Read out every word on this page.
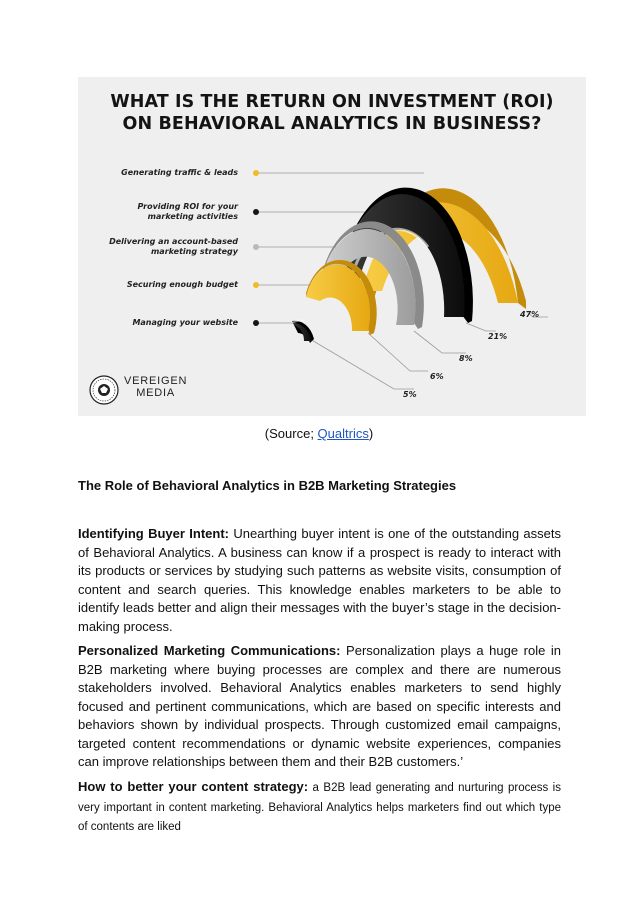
WHAT IS THE RETURN ON INVESTMENT (ROI)
ON BEHAVIORAL ANALYTICS IN BUSINESS?
Generating traffic & leads
Providing ROI for your
marketing activities
Delivering an account-based
marketing strategy
Securing enough budget
Managing your website
47%
21%
8%
6%
5%
VEREIGEN
MEDIA
(Source; Qualtrics)
The Role of Behavioral Analytics in B2B Marketing Strategies
Identifying Buyer Intent: Unearthing buyer intent is one of the outstanding assets of Behavioral Analytics. A business can know if a prospect is ready to interact with its products or services by studying such patterns as website visits, consumption of content and search queries. This knowledge enables marketers to be able to identify leads better and align their messages with the buyer’s stage in the decision-making process.
Personalized Marketing Communications: Personalization plays a huge role in B2B marketing where buying processes are complex and there are numerous stakeholders involved. Behavioral Analytics enables marketers to send highly focused and pertinent communications, which are based on specific interests and behaviors shown by individual prospects. Through customized email campaigns, targeted content recommendations or dynamic website experiences, companies can improve relationships between them and their B2B customers.’
How to better your content strategy: a B2B lead generating and nurturing process is very important in content marketing. Behavioral Analytics helps marketers find out which type of contents are liked
